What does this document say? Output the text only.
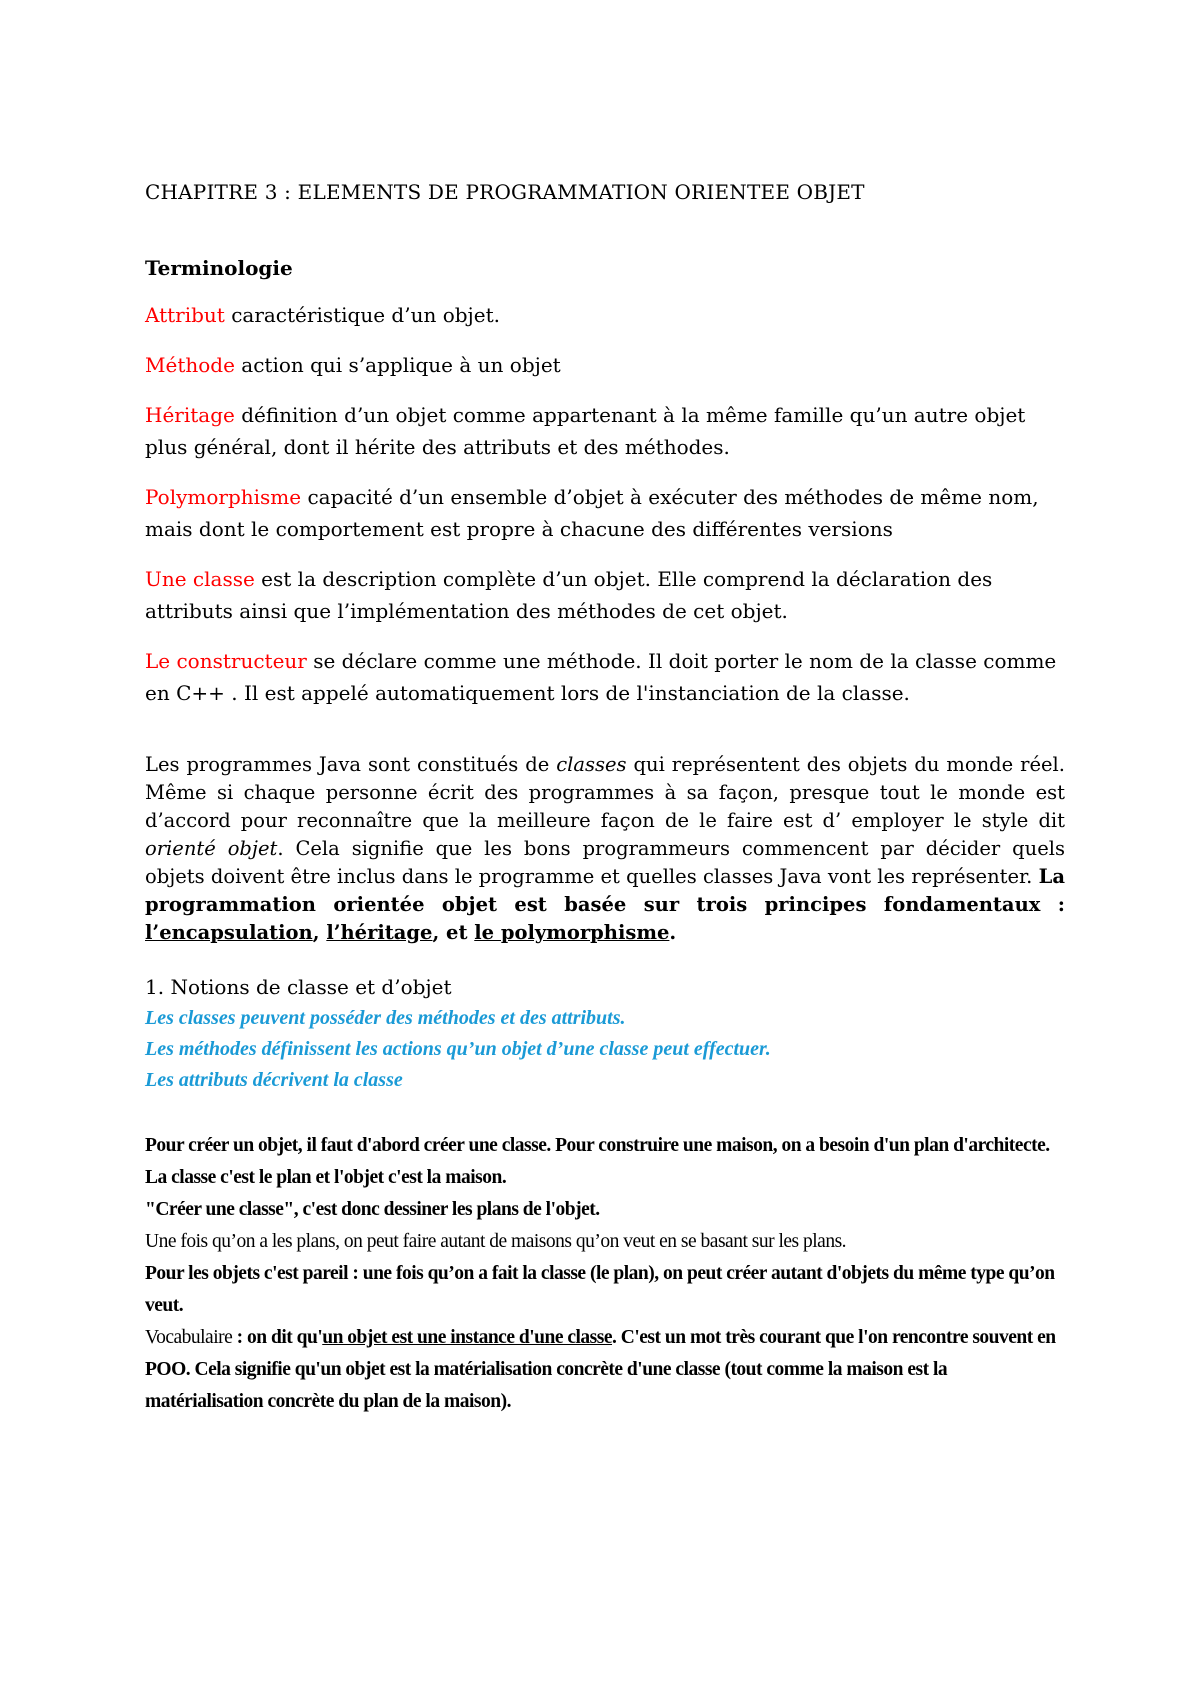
CHAPITRE 3 : ELEMENTS DE PROGRAMMATION ORIENTEE OBJET
Terminologie

Attribut caractéristique d’un objet.

Méthode action qui s’applique à un objet

Héritage définition d’un objet comme appartenant à la même famille qu’un autre objet plus général, dont il hérite des attributs et des méthodes.

Polymorphisme capacité d’un ensemble d’objet à exécuter des méthodes de même nom, mais dont le comportement est propre à chacune des différentes versions

Une classe est la description complète d’un objet. Elle comprend la déclaration des attributs ainsi que l’implémentation des méthodes de cet objet.

Le constructeur se déclare comme une méthode. Il doit porter le nom de la classe comme en C++ . Il est appelé automatiquement lors de l'instanciation de la classe.

Les programmes Java sont constitués de classes qui représentent des objets du monde réel. Même si chaque personne écrit des programmes à sa façon, presque tout le monde est d’accord pour reconnaître que la meilleure façon de le faire est d’ employer le style dit orienté objet. Cela signifie que les bons programmeurs commencent par décider quels objets doivent être inclus dans le programme et quelles classes Java vont les représenter. La programmation orientée objet est basée sur trois principes fondamentaux : l’encapsulation, l’héritage, et le polymorphisme.

1. Notions de classe et d’objet

Les classes peuvent posséder des méthodes et des attributs.

Les méthodes définissent les actions qu’un objet d’une classe peut effectuer.

Les attributs décrivent la classe

Pour créer un objet, il faut d'abord créer une classe. Pour construire une maison, on a besoin d'un plan d'architecte. La classe c'est le plan et l'objet c'est la maison.

"Créer une classe", c'est donc dessiner les plans de l'objet.

Une fois qu’on a les plans, on peut faire autant de maisons qu’on veut en se basant sur les plans.

Pour les objets c'est pareil : une fois qu’on a fait la classe (le plan), on peut créer autant d'objets du même type qu’on veut.

Vocabulaire : on dit qu'un objet est une instance d'une classe. C'est un mot très courant que l'on rencontre souvent en POO. Cela signifie qu'un objet est la matérialisation concrète d'une classe (tout comme la maison est la matérialisation concrète du plan de la maison).
